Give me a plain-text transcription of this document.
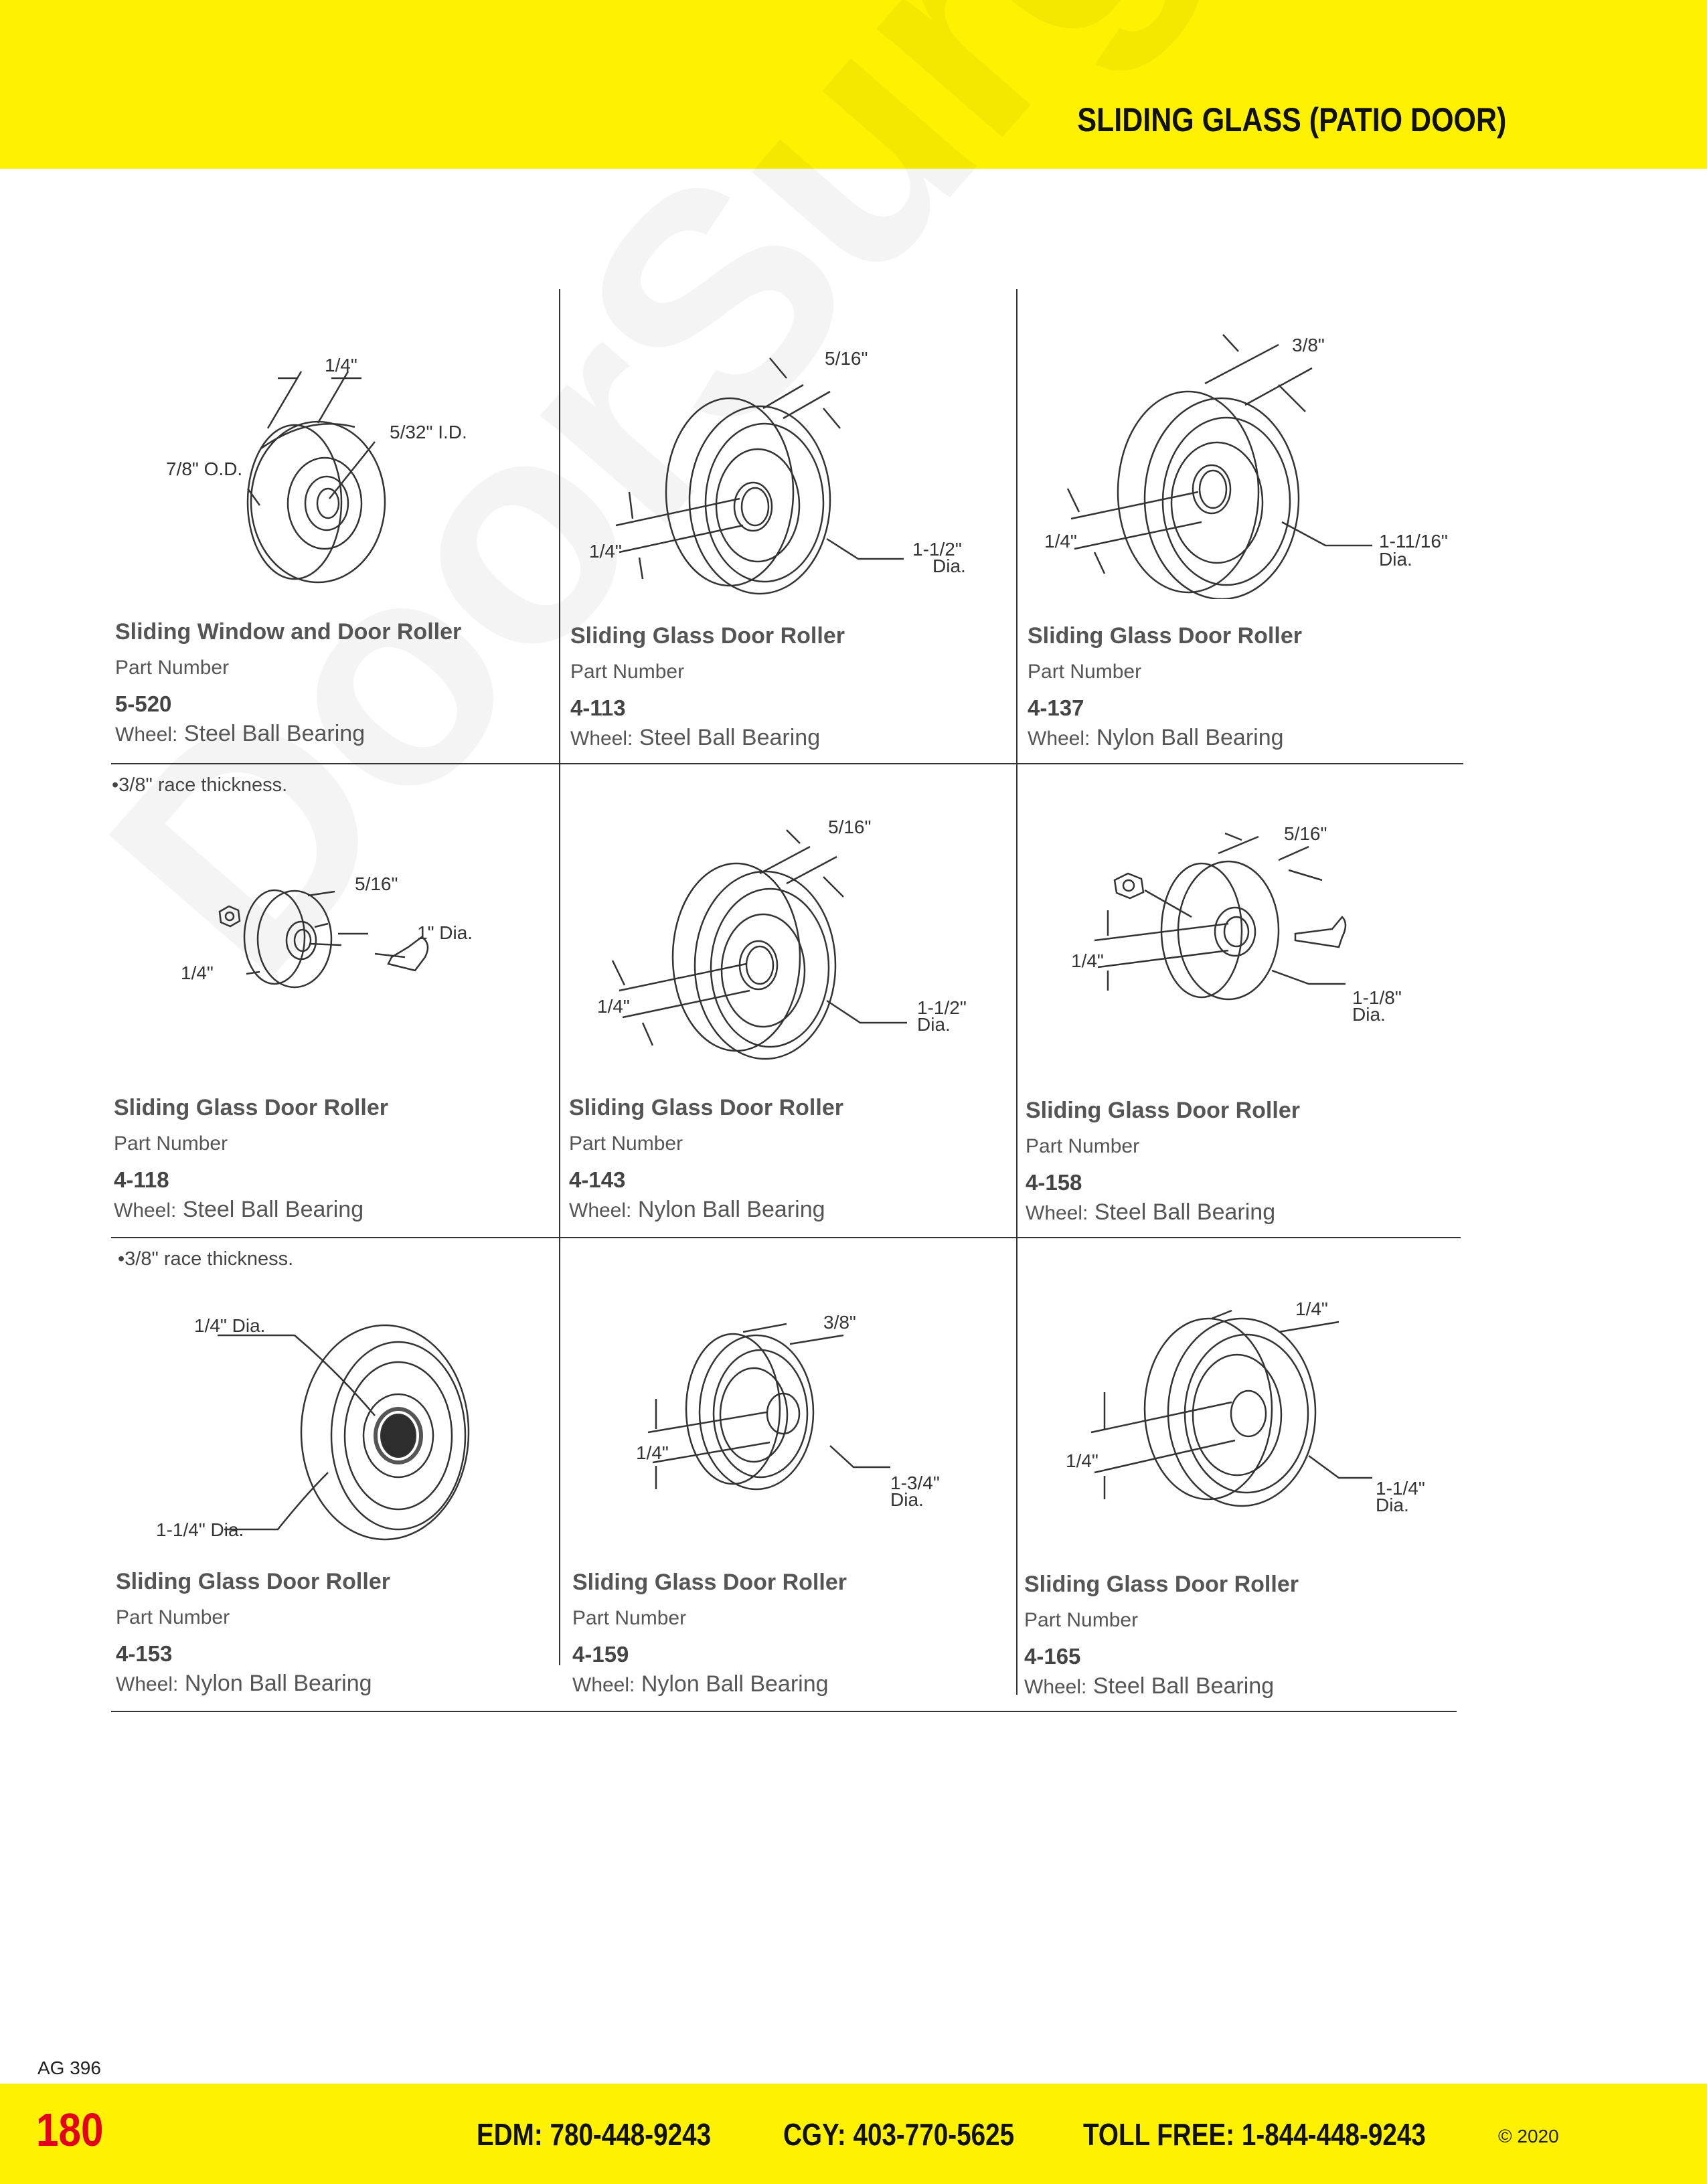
SLIDING GLASS (PATIO DOOR)
•3/8" race thickness.
•3/8" race thickness.
1/4"
5/32" I.D.
7/8" O.D.
Sliding Window and Door Roller
Part Number
5-520
Wheel: Steel Ball Bearing
5/16"
1/4"	1-1/2"
Dia.
Sliding Glass Door Roller
Part Number
4-113
Wheel: Steel Ball Bearing
3/8"
1/4"	1-11/16"
Dia.
Sliding Glass Door Roller
Part Number
4-137
Wheel: Nylon Ball Bearing
5/16"
1" Dia.
1/4"
Sliding Glass Door Roller
Part Number
4-118
Wheel: Steel Ball Bearing
5/16"
1/4"	1-1/2"
Dia.
Sliding Glass Door Roller
Part Number
4-143
Wheel: Nylon Ball Bearing
5/16"
1/4"
1-1/8"
Dia.
Sliding Glass Door Roller
Part Number
4-158
Wheel: Steel Ball Bearing
1/4" Dia.
1-1/4" Dia.
Sliding Glass Door Roller
Part Number
4-153
Wheel: Nylon Ball Bearing
3/8"
1/4"
1-3/4"
Dia.
Sliding Glass Door Roller
Part Number
4-159
Wheel: Nylon Ball Bearing
1/4"
1/4"
1-1/4"
Dia.
Sliding Glass Door Roller
Part Number
4-165
Wheel: Steel Ball Bearing
AG 396
180	EDM: 780-448-9243 CGY: 403-770-5625 TOLL FREE: 1-844-448-9243	© 2020
